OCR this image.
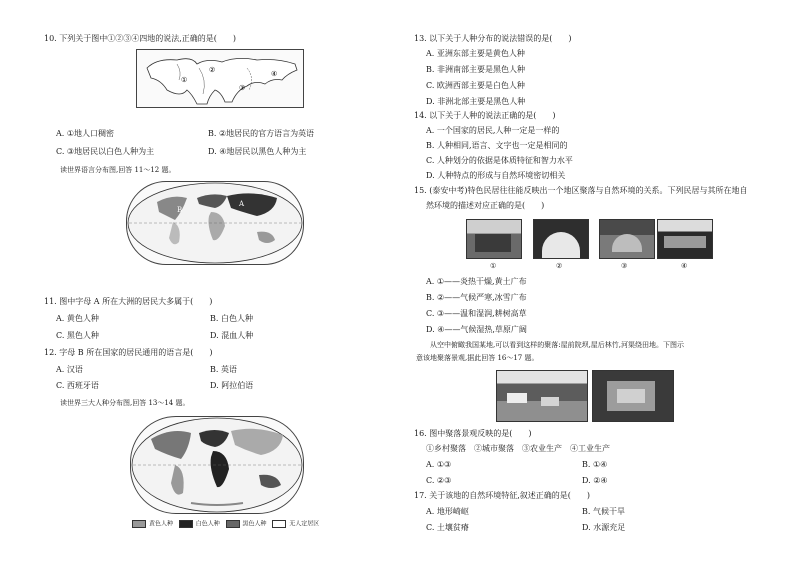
10. 下列关于图中①②③④四地的说法,正确的是(　　)
①
②
③
④
A. ①地人口稠密	B. ②地居民的官方语言为英语
C. ③地居民以白色人种为主	D. ④地居民以黑色人种为主
读世界语言分布图,回答 11～12 题。
A
B
11. 图中字母 A 所在大洲的居民大多属于(　　)
A. 黄色人种	B. 白色人种
C. 黑色人种	D. 混血人种
12. 字母 B 所在国家的居民通用的语言是(　　)
A. 汉语	B. 英语
C. 西班牙语	D. 阿拉伯语
读世界三大人种分布图,回答 13～14 题。
黄色人种	白色人种	黑色人种	无人定居区
13. 以下关于人种分布的说法错误的是(　　)
A. 亚洲东部主要是黄色人种
B. 非洲南部主要是黑色人种
C. 欧洲西部主要是白色人种
D. 非洲北部主要是黑色人种
14. 以下关于人种的说法正确的是(　　)
A. 一个国家的居民,人种一定是一样的
B. 人种相同,语言、文字也一定是相同的
C. 人种划分的依据是体质特征和智力水平
D. 人种特点的形成与自然环境密切相关
15. (泰安中考)特色民居往往能反映出一个地区聚落与自然环境的关系。下列民居与其所在地自
然环境的描述对应正确的是(　　)
①	②	③	④
A. ①——炎热干燥,黄土广布
B. ②——气候严寒,冰雪广布
C. ③——温和湿润,耕树高草
D. ④——气候湿热,草原广阔
从空中俯瞰我国某地,可以看到这样的聚落:屋前院坝,屋后林竹,河渠绕田地。下图示
意该地聚落景观,据此回答 16～17 题。
16. 图中聚落景观反映的是(　　)
①乡村聚落　②城市聚落　③农业生产　④工业生产
A. ①③	B. ①④
C. ②③	D. ②④
17. 关于该地的自然环境特征,叙述正确的是(　　)
A. 地形崎岖	B. 气候干旱
C. 土壤贫瘠	D. 水源充足
